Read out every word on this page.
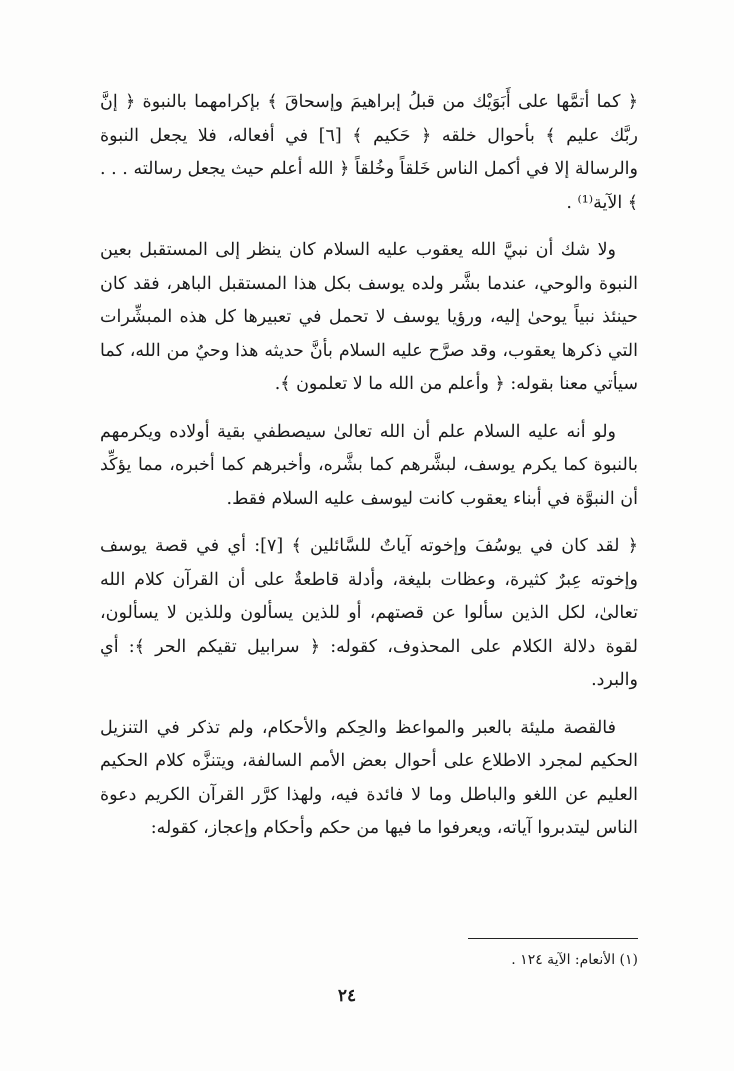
﴿ كما أتمَّها على أَبَوَيْك من قبلُ إبراهيمَ وإسحاقَ ﴾ بإكرامهما بالنبوة ﴿ إنَّ ربَّك عليم ﴾ بأحوال خلقه ﴿ حَكيم ﴾ [٦] في أفعاله، فلا يجعل النبوة والرسالة إلا في أكمل الناس خَلقاً وخُلقاً ﴿ الله أعلم حيث يجعل رسالته . . . ﴾ الآية⁽¹⁾ .

ولا شك أن نبيَّ الله يعقوب عليه السلام كان ينظر إلى المستقبل بعين النبوة والوحي، عندما بشَّر ولده يوسف بكل هذا المستقبل الباهر، فقد كان حينئذ نبياً يوحىٰ إليه، ورؤيا يوسف لا تحمل في تعبيرها كل هذه المبشِّرات التي ذكرها يعقوب، وقد صرَّح عليه السلام بأنَّ حديثه هذا وحيٌ من الله، كما سيأتي معنا بقوله: ﴿ وأعلم من الله ما لا تعلمون ﴾.

ولو أنه عليه السلام علم أن الله تعالىٰ سيصطفي بقية أولاده ويكرمهم بالنبوة كما يكرم يوسف، لبشَّرهم كما بشَّره، وأخبرهم كما أخبره، مما يؤكِّد أن النبوَّة في أبناء يعقوب كانت ليوسف عليه السلام فقط.

﴿ لقد كان في يوسُفَ وإخوته آياتٌ للسَّائلين ﴾ [٧]: أي في قصة يوسف وإخوته عِبرٌ كثيرة، وعظات بليغة، وأدلة قاطعةٌ على أن القرآن كلام الله تعالىٰ، لكل الذين سألوا عن قصتهم، أو للذين يسألون وللذين لا يسألون، لقوة دلالة الكلام على المحذوف، كقوله: ﴿ سرابيل تقيكم الحر ﴾: أي والبرد.

فالقصة مليئة بالعبر والمواعظ والحِكم والأحكام، ولم تذكر في التنزيل الحكيم لمجرد الاطلاع على أحوال بعض الأمم السالفة، ويتنزَّه كلام الحكيم العليم عن اللغو والباطل وما لا فائدة فيه، ولهذا كرَّر القرآن الكريم دعوة الناس ليتدبروا آياته، ويعرفوا ما فيها من حكم وأحكام وإعجاز، كقوله:

(١) الأنعام: الآية ١٢٤ .
٢٤
